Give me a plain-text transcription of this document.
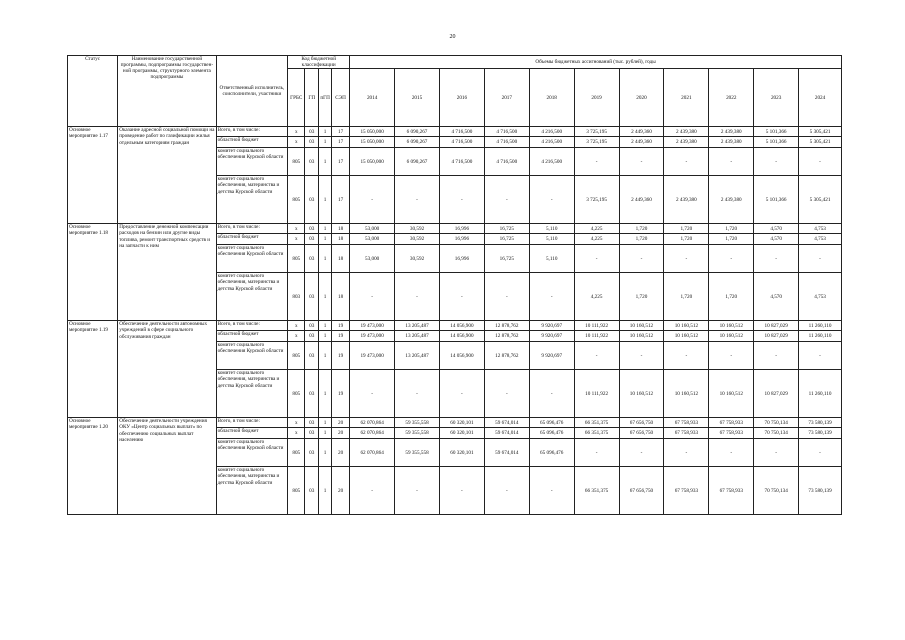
20
Статус	Наименование государственной программы, подпрограммы государствен-ной программы, структурного элемента подпрограммы	Ответственный исполнитель, соисполнители, участники	Код бюджетной классификации				Объемы бюджетных ассигнований (тыс. рублей), годы										
			ГРБС	ГП	пГП	СЭП	2014	2015	2016	2017	2018	2019	2020	2021	2022	2023	2024
Основное мероприятие 1.17	Оказание адресной социальной помощи на проведение работ по газификации жилья отдельным категориям граждан	Всего, в том числе:	х	03	1	17	15 050,000	6 090,267	4 716,500	4 716,500	4 216,500	3 725,195	2 449,360	2 439,380	2 439,380	5 101,366	5 305,421
		областной бюджет	х	03	1	17	15 050,000	6 090,267	4 716,500	4 716,500	4 216,500	3 725,195	2 449,360	2 439,380	2 439,380	5 101,366	5 305,421
		комитет социального обеспечения Курской области	805	03	1	17	15 050,000	6 090,267	4 716,500	4 716,500	4 216,500	-	-	-	-	-	-
		комитет социального обеспечения, материнства и детства Курской области	805	03	1	17	-	-	-	-	-	3 725,195	2 449,360	2 439,380	2 439,380	5 101,366	5 305,421
Основное мероприятие 1.18	Предоставление денежной компенсации расходов на бензин или другие виды топлива, ремонт транспортных средств и на запчасти к ним	Всего, в том числе:	х	03	1	18	53,000	30,592	16,996	16,725	5,110	4,225	1,720	1,720	1,720	4,570	4,753
		областной бюджет	х	03	1	18	53,000	30,592	16,996	16,725	5,110	4,225	1,720	1,720	1,720	4,570	4,753
		комитет социального обеспечения Курской области	805	03	1	18	53,000	30,592	16,996	16,725	5,110	-	-	-	-	-	-
		комитет социального обеспечения, материнства и детства Курской области	803	03	1	18	-	-	-	-	-	4,225	1,720	1,720	1,720	4,570	4,753
Основное мероприятие 1.19	Обеспечение деятельности автономных учреждений в сфере социального обслуживания граждан	Всего, в том числе:	х	03	1	19	19 473,000	13 205,487	14 056,900	12 878,762	9 920,697	10 111,922	10 160,512	10 160,512	10 160,512	10 827,029	11 260,110
		областной бюджет	х	03	1	19	19 473,000	13 205,487	14 056,900	12 878,762	9 920,697	10 111,922	10 160,512	10 160,512	10 160,512	10 827,029	11 260,110
		комитет социального обеспечения Курской области	805	03	1	19	19 473,000	13 205,487	14 056,900	12 878,762	9 920,697	-	-	-	-	-	-
		комитет социального обеспечения, материнства и детства Курской области	805	03	1	19	-	-	-	-	-	10 111,922	10 160,512	10 160,512	10 160,512	10 827,029	11 260,110
Основное мероприятие 1.20	Обеспечение деятельности учреждения ОКУ «Центр социальных выплат» по обеспечению социальных выплат населению	Всего, в том числе:	х	03	1	20	62 070,864	59 355,558	60 320,101	59 674,014	65 096,476	66 351,375	67 656,750	67 758,933	67 758,933	70 750,134	73 580,139
		областной бюджет	х	03	1	20	62 070,864	59 355,558	60 320,101	59 674,014	65 096,476	66 351,375	67 656,750	67 758,933	67 758,933	70 750,134	73 580,139
		комитет социального обеспечения Курской области	805	03	1	20	62 070,864	59 355,558	60 320,101	59 674,014	65 096,476	-	-	-	-	-	-
		комитет социального обеспечения, материнства и детства Курской области	805	03	1	20	-	-	-	-	-	66 351,375	67 656,750	67 758,933	67 758,933	70 750,134	73 580,139
